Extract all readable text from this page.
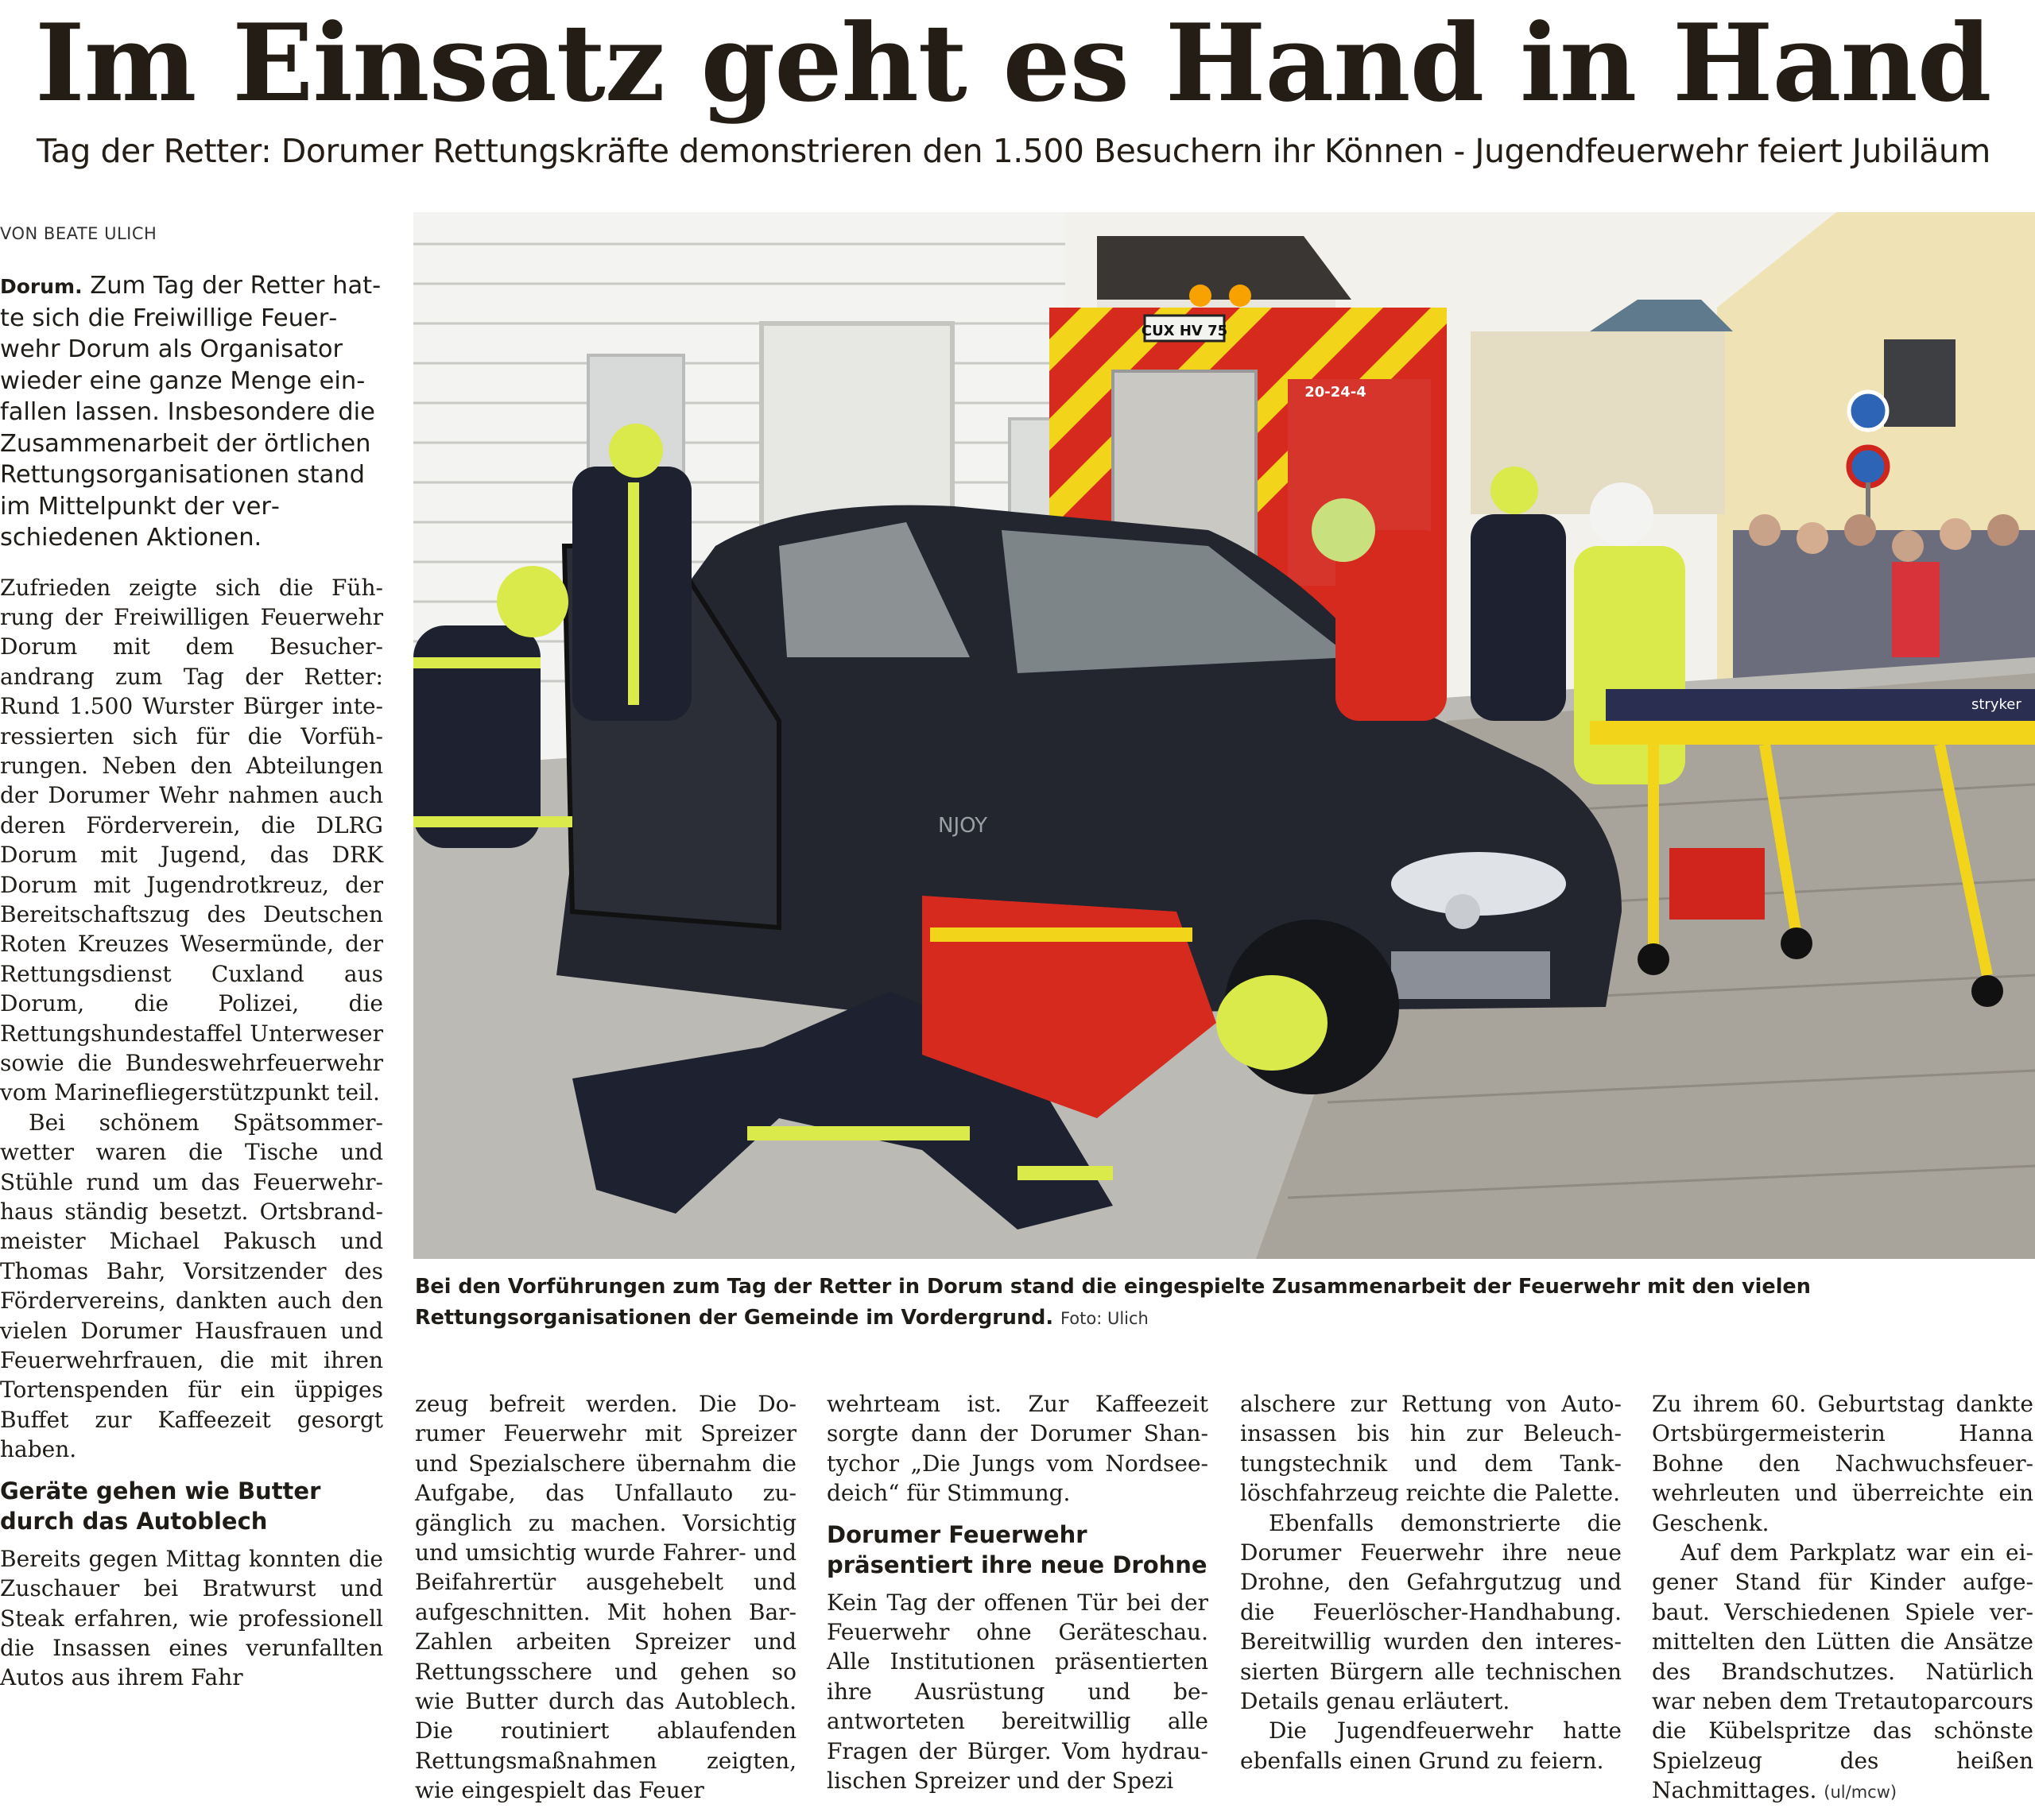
Im Einsatz geht es Hand in Hand
Tag der Retter: Dorumer Rettungskräfte demonstrieren den 1.500 Besuchern ihr Können - Jugendfeuerwehr feiert Jubiläum
VON BEATE ULICH

Dorum. Zum Tag der Retter hatte sich die Freiwillige Feuerwehr Dorum als Organisator wieder eine ganze Menge einfallen lassen. Insbesondere die Zusammenarbeit der örtlichen Rettungsorganisationen stand im Mittelpunkt der verschiedenen Aktionen.

Zufrieden zeigte sich die Führung der Freiwilligen Feuerwehr Dorum mit dem Besucherandrang zum Tag der Retter: Rund 1.500 Wurster Bürger interessierten sich für die Vorführungen. Neben den Abteilungen der Dorumer Wehr nahmen auch deren Förderverein, die DLRG Dorum mit Jugend, das DRK Dorum mit Jugendrotkreuz, der Bereitschaftszug des Deutschen Roten Kreuzes Wesermünde, der Rettungsdienst Cuxland aus Dorum, die Polizei, die Rettungshundestaffel Unterweser sowie die Bundeswehrfeuerwehr vom Marinefliegerstützpunkt teil.

Bei schönem Spätsommerwetter waren die Tische und Stühle rund um das Feuerwehrhaus ständig besetzt. Ortsbrandmeister Michael Pakusch und Thomas Bahr, Vorsitzender des Fördervereins, dankten auch den vielen Dorumer Hausfrauen und Feuerwehrfrauen, die mit ihren Tortenspenden für ein üppiges Buffet zur Kaffeezeit gesorgt haben.

Geräte gehen wie Butter durch das Autoblech

Bereits gegen Mittag konnten die Zuschauer bei Bratwurst und Steak erfahren, wie professionell die Insassen eines verunfallten Autos aus ihrem Fahr

CUX HV 75
20-24-4
NJOY
stryker
Bei den Vorführungen zum Tag der Retter in Dorum stand die eingespielte Zusammenarbeit der Feuerwehr mit den vielen Rettungsorganisationen der Gemeinde im Vordergrund. Foto: Ulich

zeug befreit werden. Die Dorumer Feuerwehr mit Spreizer und Spezialschere übernahm die Aufgabe, das Unfallauto zugänglich zu machen. Vorsichtig und umsichtig wurde Fahrer- und Beifahrertür ausgehebelt und aufgeschnitten. Mit hohen Bar-Zahlen arbeiten Spreizer und Rettungsschere und gehen so wie Butter durch das Autoblech. Die routiniert ablaufenden Rettungsmaßnahmen zeigten, wie eingespielt das Feuer

wehrteam ist. Zur Kaffeezeit sorgte dann der Dorumer Shantychor „Die Jungs vom Nordseedeich“ für Stimmung.

Dorumer Feuerwehr präsentiert ihre neue Drohne

Kein Tag der offenen Tür bei der Feuerwehr ohne Geräteschau. Alle Institutionen präsentierten ihre Ausrüstung und beantworteten bereitwillig alle Fragen der Bürger. Vom hydraulischen Spreizer und der Spezi

alschere zur Rettung von Autoinsassen bis hin zur Beleuchtungstechnik und dem Tanklöschfahrzeug reichte die Palette.

Ebenfalls demonstrierte die Dorumer Feuerwehr ihre neue Drohne, den Gefahrgutzug und die Feuerlöscher-Handhabung. Bereitwillig wurden den interessierten Bürgern alle technischen Details genau erläutert.

Die Jugendfeuerwehr hatte ebenfalls einen Grund zu feiern.

Zu ihrem 60. Geburtstag dankte Ortsbürgermeisterin Hanna Bohne den Nachwuchsfeuerwehrleuten und überreichte ein Geschenk.

Auf dem Parkplatz war ein eigener Stand für Kinder aufgebaut. Verschiedenen Spiele vermittelten den Lütten die Ansätze des Brandschutzes. Natürlich war neben dem Tretautoparcours die Kübelspritze das schönste Spielzeug des heißen Nachmittages. (ul/mcw)
